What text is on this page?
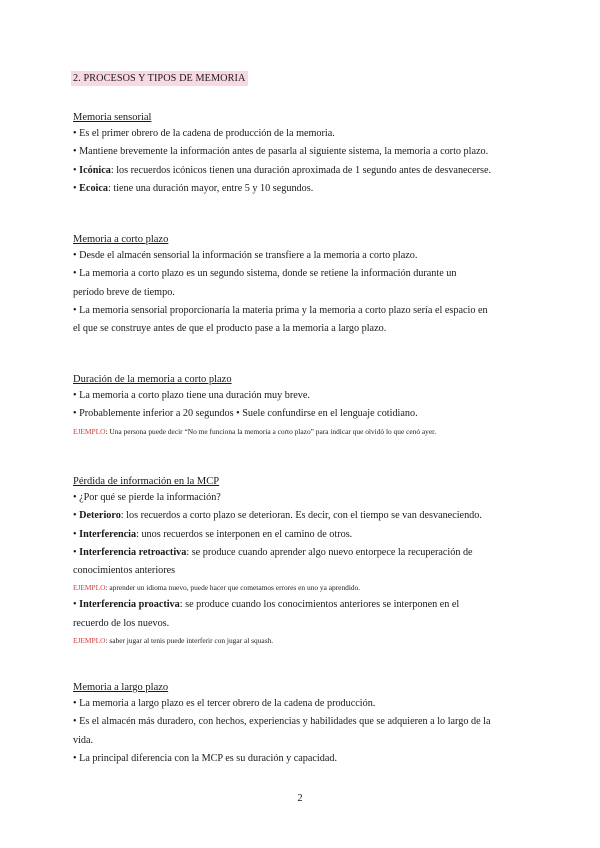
2. PROCESOS Y TIPOS DE MEMORIA
Memoria sensorial
• Es el primer obrero de la cadena de producción de la memoria.
• Mantiene brevemente la información antes de pasarla al siguiente sistema, la memoria a corto plazo.
• Icónica: los recuerdos icónicos tienen una duración aproximada de 1 segundo antes de desvanecerse.
• Ecoica: tiene una duración mayor, entre 5 y 10 segundos.
Memoria a corto plazo
• Desde el almacén sensorial la información se transfiere a la memoria a corto plazo.
• La memoria a corto plazo es un segundo sistema, donde se retiene la información durante un
período breve de tiempo.
• La memoria sensorial proporcionaría la materia prima y la memoria a corto plazo sería el espacio en
el que se construye antes de que el producto pase a la memoria a largo plazo.
Duración de la memoria a corto plazo
• La memoria a corto plazo tiene una duración muy breve.
• Probablemente inferior a 20 segundos • Suele confundirse en el lenguaje cotidiano.
EJEMPLO: Una persona puede decir “No me funciona la memoria a corto plazo” para indicar que olvidó lo que cenó ayer.
Pérdida de información en la MCP
• ¿Por qué se pierde la información?
• Deterioro: los recuerdos a corto plazo se deterioran. Es decir, con el tiempo se van desvaneciendo.
• Interferencia: unos recuerdos se interponen en el camino de otros.
• Interferencia retroactiva: se produce cuando aprender algo nuevo entorpece la recuperación de
conocimientos anteriores
EJEMPLO: aprender un idioma nuevo, puede hacer que cometamos errores en uno ya aprendido.
• Interferencia proactiva: se produce cuando los conocimientos anteriores se interponen en el
recuerdo de los nuevos.
EJEMPLO: saber jugar al tenis puede interferir con jugar al squash.
Memoria a largo plazo
• La memoria a largo plazo es el tercer obrero de la cadena de producción.
• Es el almacén más duradero, con hechos, experiencias y habilidades que se adquieren a lo largo de la
vida.
• La principal diferencia con la MCP es su duración y capacidad.
2
